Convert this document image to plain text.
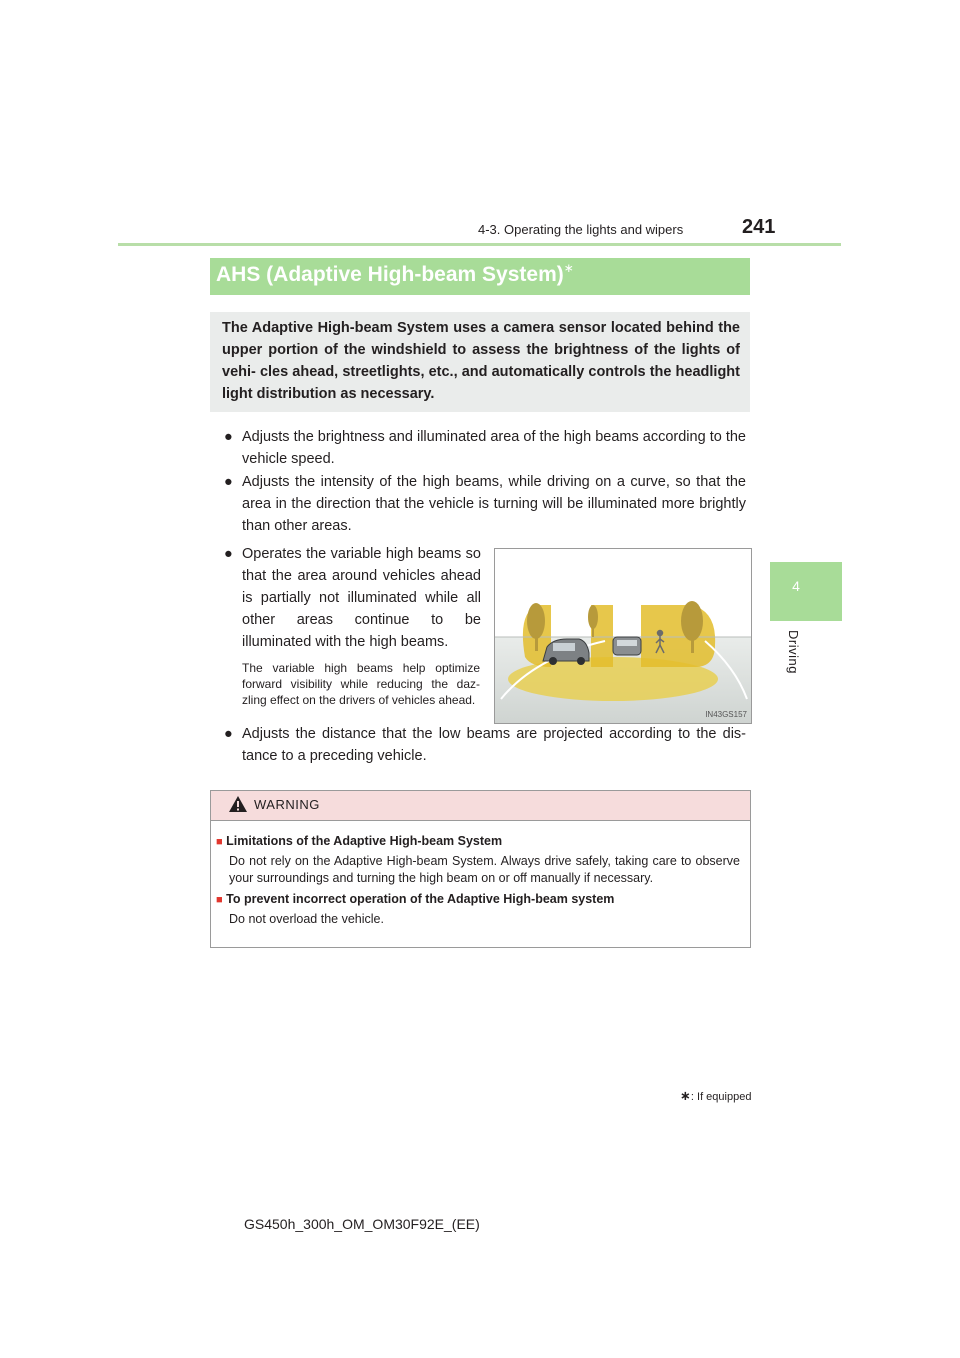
4-3. Operating the lights and wipers	241
4
Driving
AHS (Adaptive High-beam System)∗
The Adaptive High-beam System uses a camera sensor located behind the upper portion of the windshield to assess the brightness of the lights of vehi- cles ahead, streetlights, etc., and automatically controls the headlight light distribution as necessary.
● Adjusts the brightness and illuminated area of the high beams according to the vehicle speed.
● Adjusts the intensity of the high beams, while driving on a curve, so that the area in the direction that the vehicle is turning will be illuminated more brightly than other areas.
● Operates the variable high beams so that the area around vehicles ahead is partially not illuminated while all other areas continue to be illuminated with the high beams.
The variable high beams help optimize forward visibility while reducing the daz- zling effect on the drivers of vehicles ahead.
IN43GS157
● Adjusts the distance that the low beams are projected according to the dis- tance to a preceding vehicle.
WARNING
■ Limitations of the Adaptive High-beam System
Do not rely on the Adaptive High-beam System. Always drive safely, taking care to observe your surroundings and turning the high beam on or off manually if necessary.
■ To prevent incorrect operation of the Adaptive High-beam system
Do not overload the vehicle.
∗: If equipped
GS450h_300h_OM_OM30F92E_(EE)
